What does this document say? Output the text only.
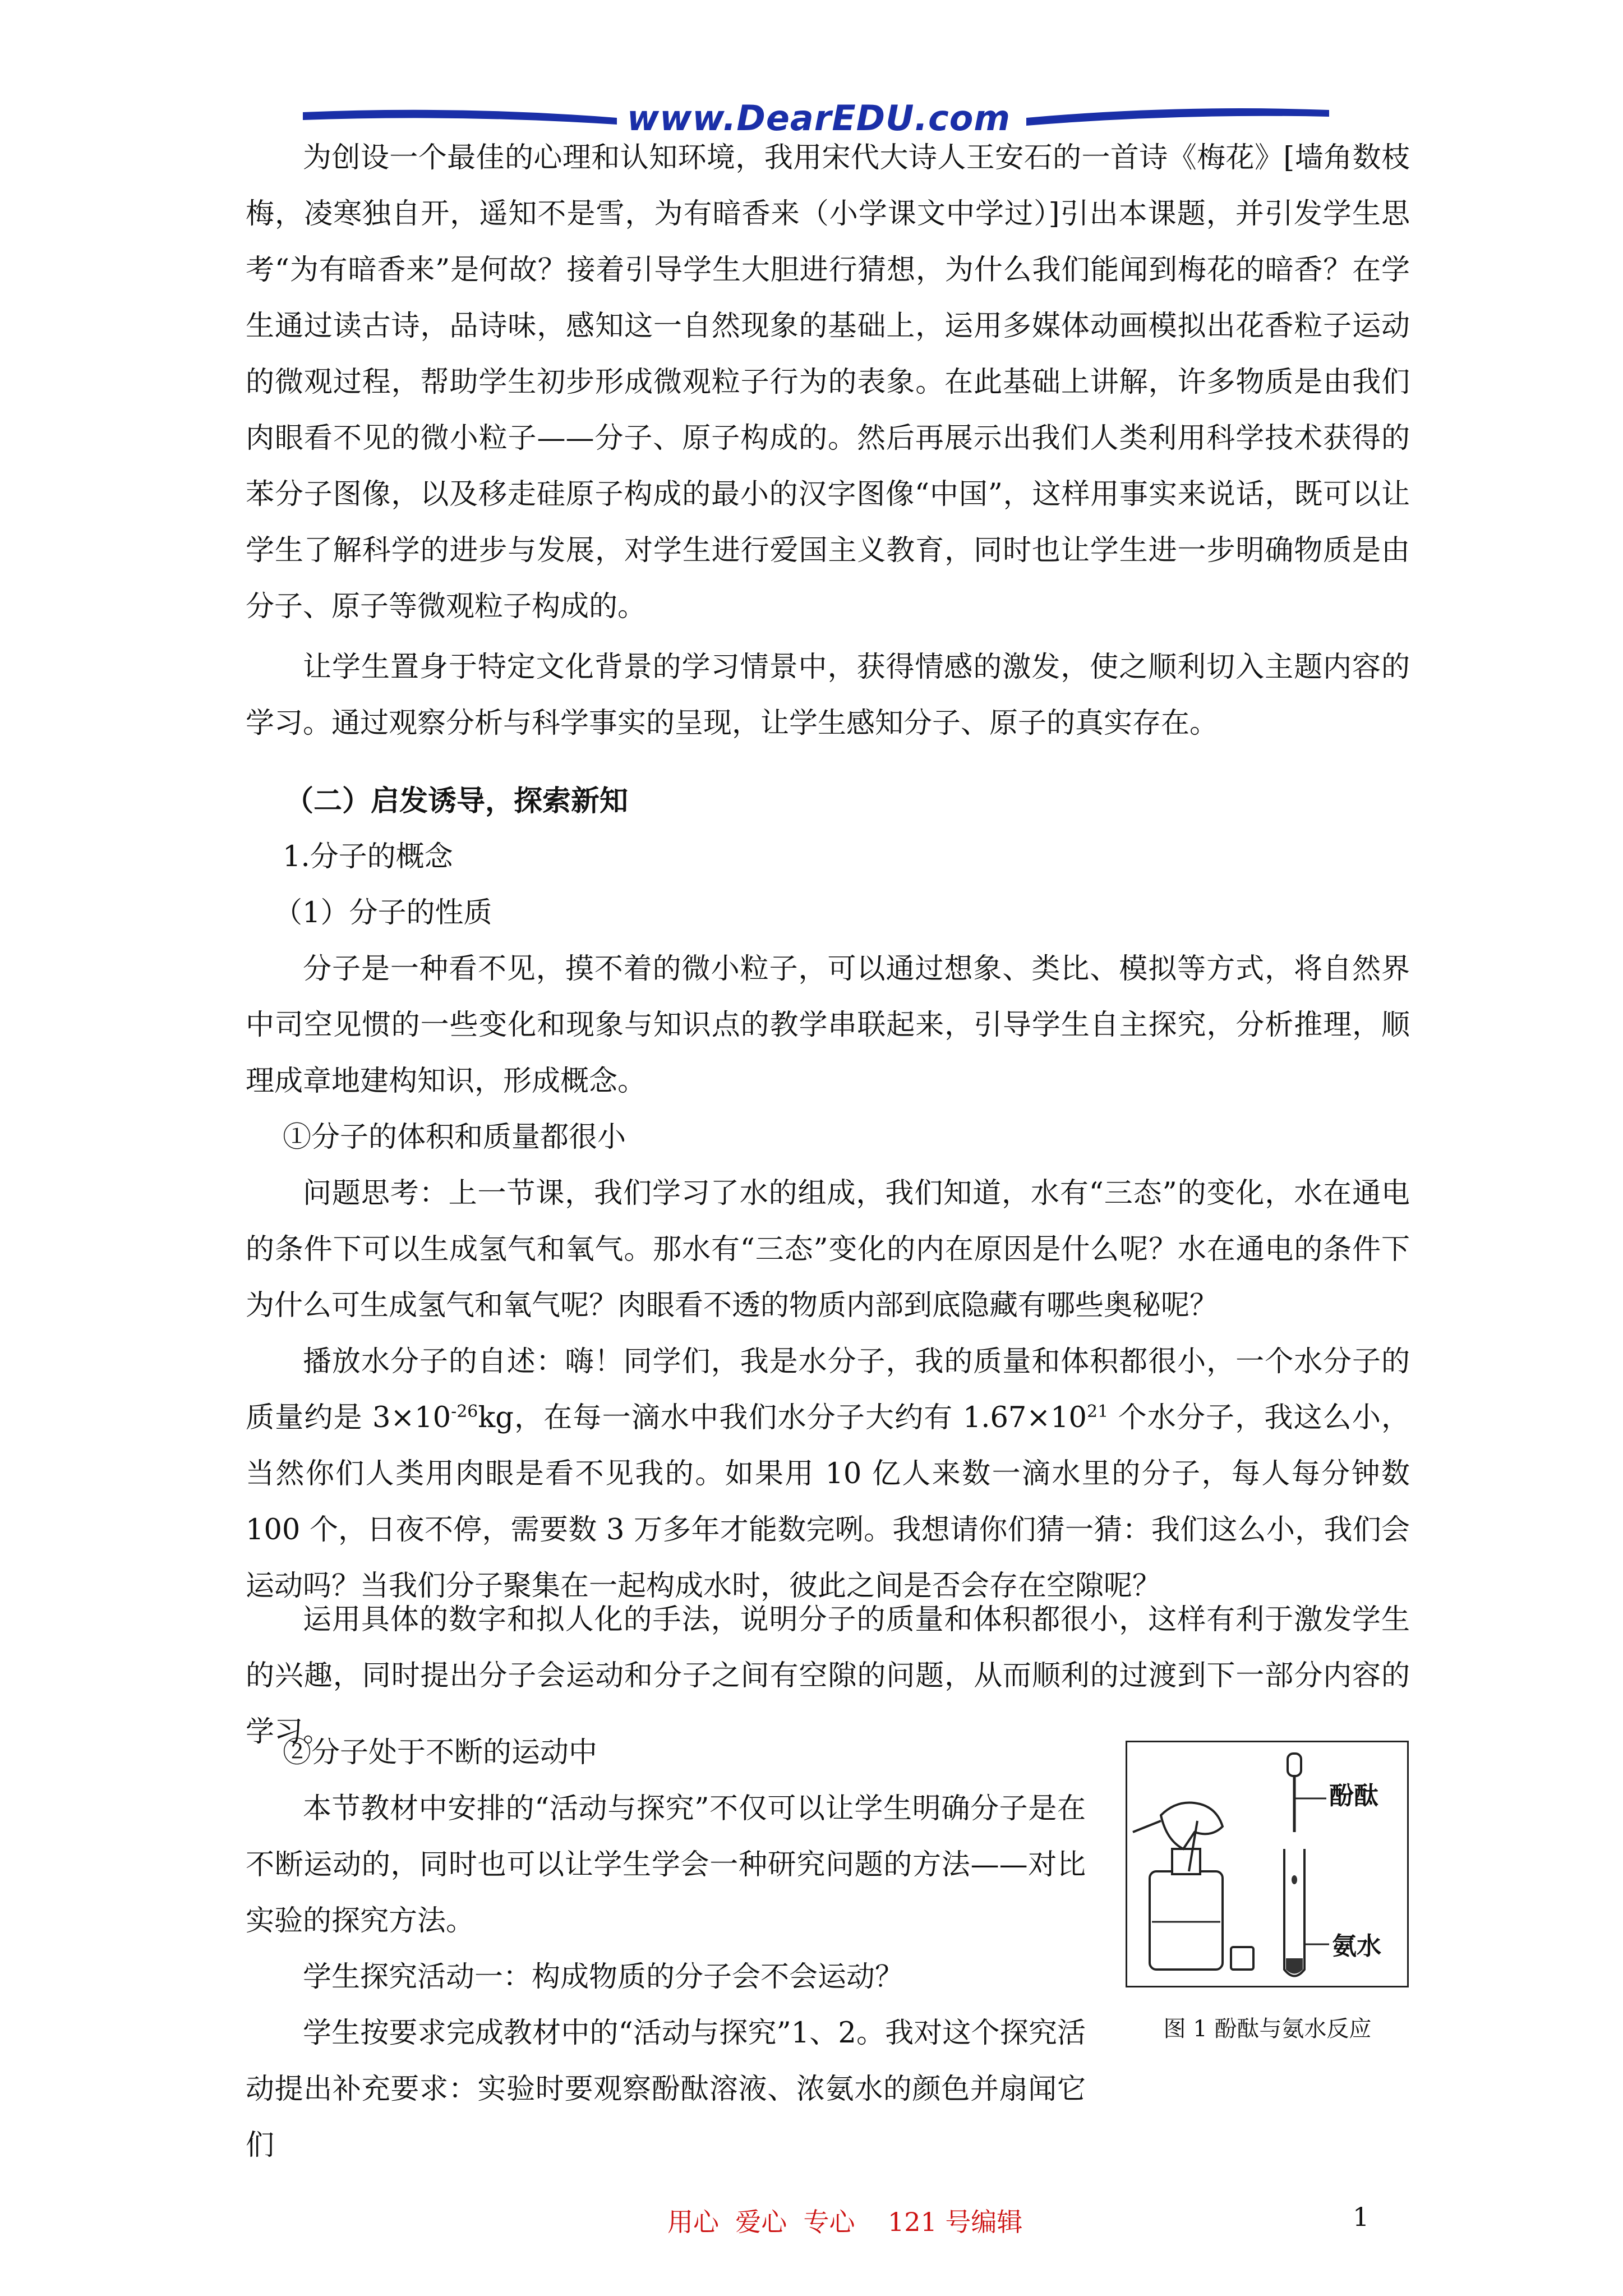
www.DearEDU.com

为创设一个最佳的心理和认知环境，我用宋代大诗人王安石的一首诗《梅花》[墙角数枝梅，凌寒独自开，遥知不是雪，为有暗香来（小学课文中学过）]引出本课题，并引发学生思考“为有暗香来”是何故？接着引导学生大胆进行猜想，为什么我们能闻到梅花的暗香？在学生通过读古诗，品诗味，感知这一自然现象的基础上，运用多媒体动画模拟出花香粒子运动的微观过程，帮助学生初步形成微观粒子行为的表象。在此基础上讲解，许多物质是由我们肉眼看不见的微小粒子——分子、原子构成的。然后再展示出我们人类利用科学技术获得的苯分子图像，以及移走硅原子构成的最小的汉字图像“中国”，这样用事实来说话，既可以让学生了解科学的进步与发展，对学生进行爱国主义教育，同时也让学生进一步明确物质是由分子、原子等微观粒子构成的。

让学生置身于特定文化背景的学习情景中，获得情感的激发，使之顺利切入主题内容的学习。通过观察分析与科学事实的呈现，让学生感知分子、原子的真实存在。

（二）启发诱导，探索新知

1.分子的概念

（1）分子的性质

分子是一种看不见，摸不着的微小粒子，可以通过想象、类比、模拟等方式，将自然界中司空见惯的一些变化和现象与知识点的教学串联起来，引导学生自主探究，分析推理，顺理成章地建构知识，形成概念。

①分子的体积和质量都很小

问题思考：上一节课，我们学习了水的组成，我们知道，水有“三态”的变化，水在通电的条件下可以生成氢气和氧气。那水有“三态”变化的内在原因是什么呢？水在通电的条件下为什么可生成氢气和氧气呢？肉眼看不透的物质内部到底隐藏有哪些奥秘呢？

播放水分子的自述：嗨！同学们，我是水分子，我的质量和体积都很小，一个水分子的质量约是 $3\times 10^{-26}kg$，在每一滴水中我们水分子大约有 $1.67\times 10^{21}$ 个水分子，我这么小，当然你们人类用肉眼是看不见我的。如果用 10 亿人来数一滴水里的分子，每人每分钟数 100 个，日夜不停，需要数 3 万多年才能数完咧。我想请你们猜一猜：我们这么小，我们会运动吗？当我们分子聚集在一起构成水时，彼此之间是否会存在空隙呢？

运用具体的数字和拟人化的手法，说明分子的质量和体积都很小，这样有利于激发学生的兴趣，同时提出分子会运动和分子之间有空隙的问题，从而顺利的过渡到下一部分内容的学习。

②分子处于不断的运动中

本节教材中安排的“活动与探究”不仅可以让学生明确分子是在不断运动的，同时也可以让学生学会一种研究问题的方法——对比实验的探究方法。

学生探究活动一：构成物质的分子会不会运动？

学生按要求完成教材中的“活动与探究”1、2。我对这个探究活动提出补充要求：实验时要观察酚酞溶液、浓氨水的颜色并扇闻它们

酚酞
氨水
图 1 酚酞与氨水反应
用心  爱心  专心    121 号编辑	1
